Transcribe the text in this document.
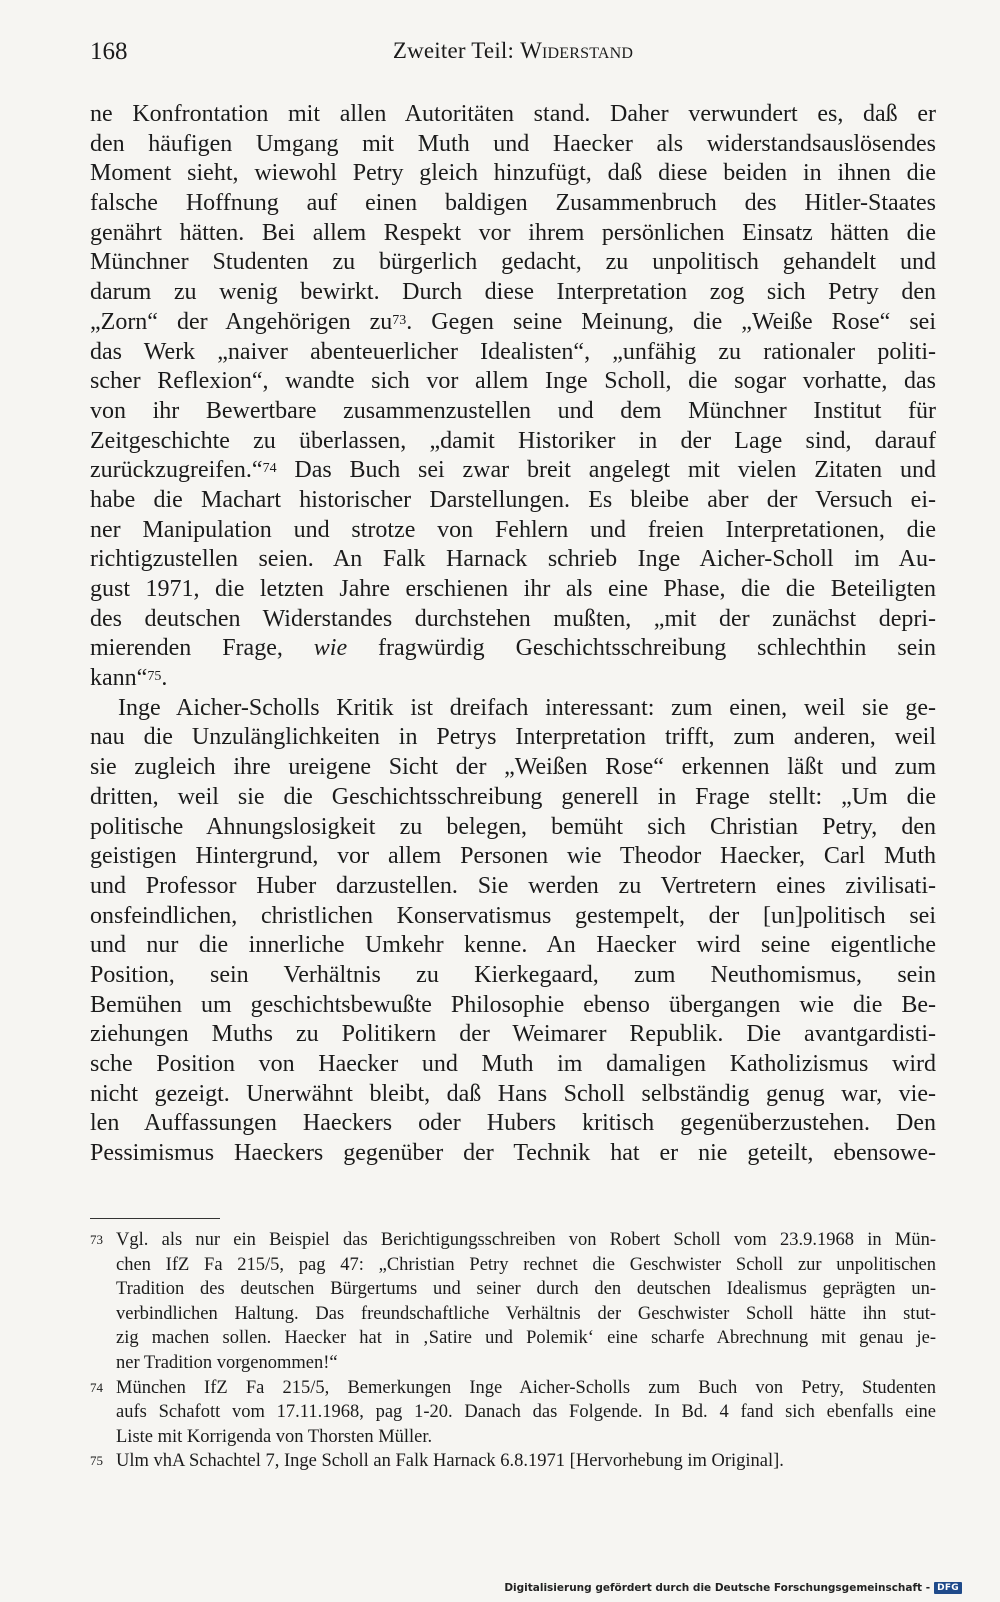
168	Zweiter Teil: Widerstand
ne Konfrontation mit allen Autoritäten stand. Daher verwundert es, daß er
den häufigen Umgang mit Muth und Haecker als widerstandsauslösendes
Moment sieht, wiewohl Petry gleich hinzufügt, daß diese beiden in ihnen die
falsche Hoffnung auf einen baldigen Zusammenbruch des Hitler-Staates
genährt hätten. Bei allem Respekt vor ihrem persönlichen Einsatz hätten die
Münchner Studenten zu bürgerlich gedacht, zu unpolitisch gehandelt und
darum zu wenig bewirkt. Durch diese Interpretation zog sich Petry den
„Zorn“ der Angehörigen $zu^{73}$. Gegen seine Meinung, die „Weiße Rose“ sei
das Werk „naiver abenteuerlicher Idealisten“, „unfähig zu rationaler politi-
scher Reflexion“, wandte sich vor allem Inge Scholl, die sogar vorhatte, das
von ihr Bewertbare zusammenzustellen und dem Münchner Institut für
Zeitgeschichte zu überlassen, „damit Historiker in der Lage sind, darauf
zurückzugreifen.“$^{74}$ Das Buch sei zwar breit angelegt mit vielen Zitaten und
habe die Machart historischer Darstellungen. Es bleibe aber der Versuch ei-
ner Manipulation und strotze von Fehlern und freien Interpretationen, die
richtigzustellen seien. An Falk Harnack schrieb Inge Aicher-Scholl im Au-
gust 1971, die letzten Jahre erschienen ihr als eine Phase, die die Beteiligten
des deutschen Widerstandes durchstehen mußten, „mit der zunächst depri-
mierenden Frage, wie fragwürdig Geschichtsschreibung schlechthin sein
kann“$^{75}$.
Inge Aicher-Scholls Kritik ist dreifach interessant: zum einen, weil sie ge-
nau die Unzulänglichkeiten in Petrys Interpretation trifft, zum anderen, weil
sie zugleich ihre ureigene Sicht der „Weißen Rose“ erkennen läßt und zum
dritten, weil sie die Geschichtsschreibung generell in Frage stellt: „Um die
politische Ahnungslosigkeit zu belegen, bemüht sich Christian Petry, den
geistigen Hintergrund, vor allem Personen wie Theodor Haecker, Carl Muth
und Professor Huber darzustellen. Sie werden zu Vertretern eines zivilisati-
onsfeindlichen, christlichen Konservatismus gestempelt, der [un]politisch sei
und nur die innerliche Umkehr kenne. An Haecker wird seine eigentliche
Position, sein Verhältnis zu Kierkegaard, zum Neuthomismus, sein
Bemühen um geschichtsbewußte Philosophie ebenso übergangen wie die Be-
ziehungen Muths zu Politikern der Weimarer Republik. Die avantgardisti-
sche Position von Haecker und Muth im damaligen Katholizismus wird
nicht gezeigt. Unerwähnt bleibt, daß Hans Scholl selbständig genug war, vie-
len Auffassungen Haeckers oder Hubers kritisch gegenüberzustehen. Den
Pessimismus Haeckers gegenüber der Technik hat er nie geteilt, ebensowe-
73 Vgl. als nur ein Beispiel das Berichtigungsschreiben von Robert Scholl vom 23.9.1968 in Mün-
chen IfZ Fa 215/5, pag 47: „Christian Petry rechnet die Geschwister Scholl zur unpolitischen
Tradition des deutschen Bürgertums und seiner durch den deutschen Idealismus geprägten un-
verbindlichen Haltung. Das freundschaftliche Verhältnis der Geschwister Scholl hätte ihn stut-
zig machen sollen. Haecker hat in ‚Satire und Polemik‘ eine scharfe Abrechnung mit genau je-
ner Tradition vorgenommen!“
74 München IfZ Fa 215/5, Bemerkungen Inge Aicher-Scholls zum Buch von Petry, Studenten
aufs Schafott vom 17.11.1968, pag 1-20. Danach das Folgende. In Bd. 4 fand sich ebenfalls eine
Liste mit Korrigenda von Thorsten Müller.
75 Ulm vhA Schachtel 7, Inge Scholl an Falk Harnack 6.8.1971 [Hervorhebung im Original].
Digitalisierung gefördert durch die Deutsche Forschungsgemeinschaft - DFG
